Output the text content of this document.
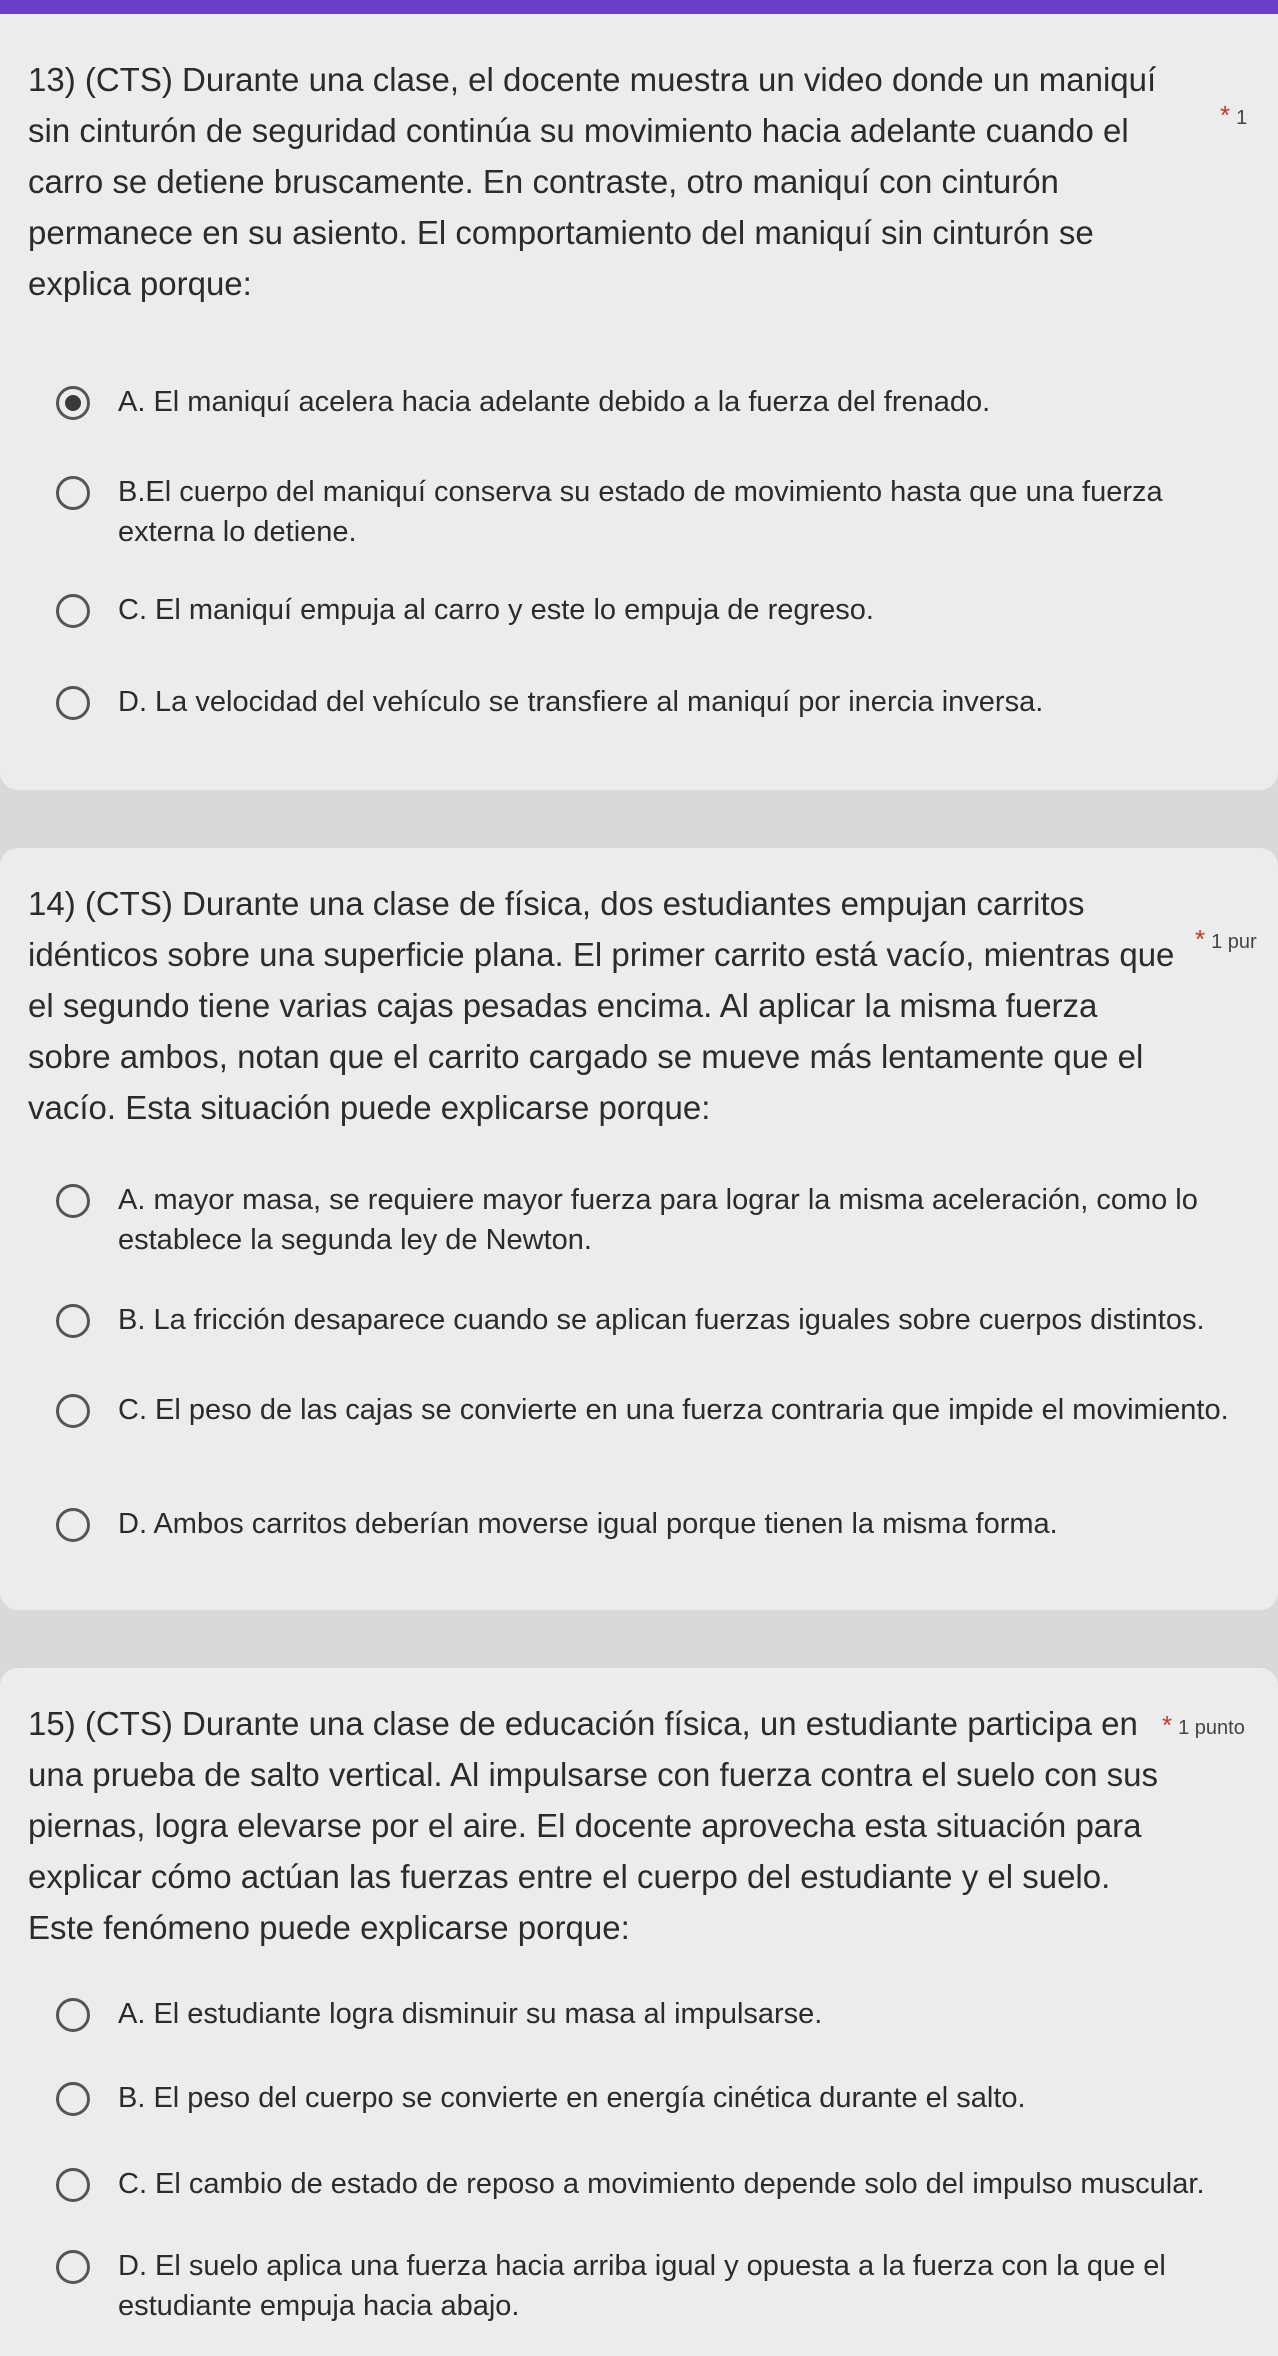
13) (CTS) Durante una clase, el docente muestra un video donde un maniquí sin cinturón de seguridad continúa su movimiento hacia adelante cuando el carro se detiene bruscamente. En contraste, otro maniquí con cinturón permanece en su asiento. El comportamiento del maniquí sin cinturón se explica porque:

* 1
A. El maniquí acelera hacia adelante debido a la fuerza del frenado.
B.El cuerpo del maniquí conserva su estado de movimiento hasta que una fuerza externa lo detiene.
C. El maniquí empuja al carro y este lo empuja de regreso.
D. La velocidad del vehículo se transfiere al maniquí por inercia inversa.

14) (CTS) Durante una clase de física, dos estudiantes empujan carritos idénticos sobre una superficie plana. El primer carrito está vacío, mientras que el segundo tiene varias cajas pesadas encima. Al aplicar la misma fuerza sobre ambos, notan que el carrito cargado se mueve más lentamente que el vacío. Esta situación puede explicarse porque:

* 1 pur
A. mayor masa, se requiere mayor fuerza para lograr la misma aceleración, como lo establece la segunda ley de Newton.
B. La fricción desaparece cuando se aplican fuerzas iguales sobre cuerpos distintos.
C. El peso de las cajas se convierte en una fuerza contraria que impide el movimiento.
D. Ambos carritos deberían moverse igual porque tienen la misma forma.

15) (CTS) Durante una clase de educación física, un estudiante participa en una prueba de salto vertical. Al impulsarse con fuerza contra el suelo con sus piernas, logra elevarse por el aire. El docente aprovecha esta situación para explicar cómo actúan las fuerzas entre el cuerpo del estudiante y el suelo. Este fenómeno puede explicarse porque:

* 1 punto
A. El estudiante logra disminuir su masa al impulsarse.
B. El peso del cuerpo se convierte en energía cinética durante el salto.
C. El cambio de estado de reposo a movimiento depende solo del impulso muscular.
D. El suelo aplica una fuerza hacia arriba igual y opuesta a la fuerza con la que el estudiante empuja hacia abajo.
